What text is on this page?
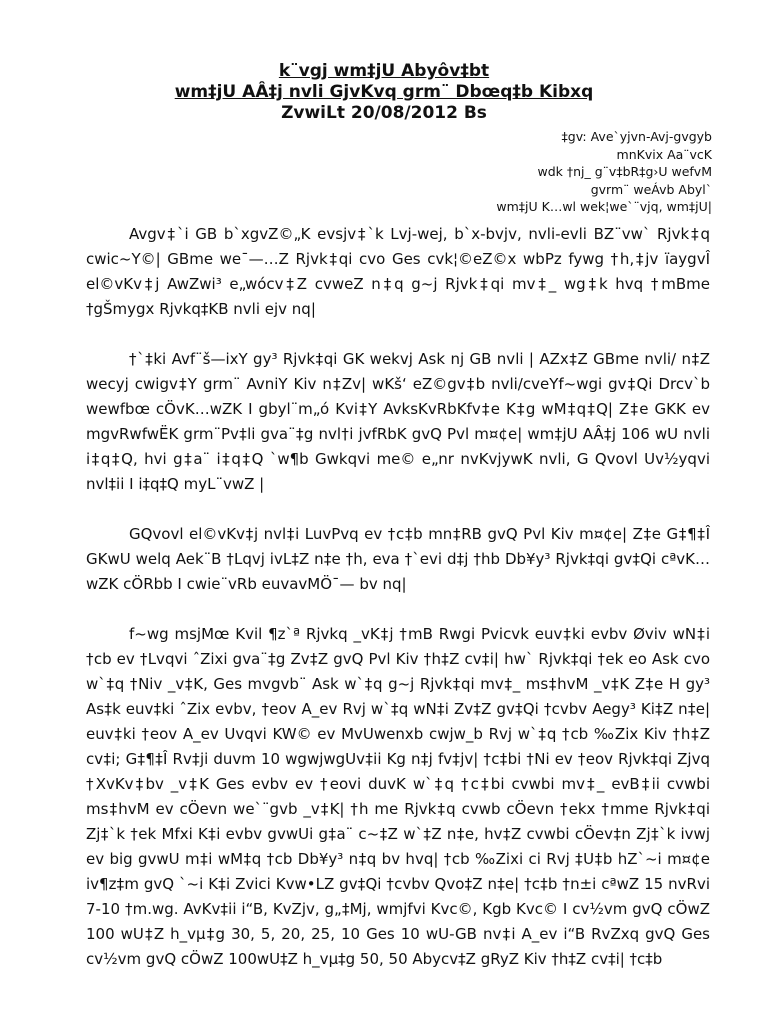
k¨vgj wm‡jU Abyôv‡bt
wm‡jU AÂ‡j nvli GjvKvq grm¨ Dbœq‡b Kibxq
ZvwiLt 20/08/2012 Bs
‡gv: Ave`yjvn-Avj-gvgyb
mnKvix Aa¨vcK
wdk †nj_ g¨v‡bR‡g›U wefvM
gvrm¨ weÁvb Abyl`
wm‡jU K…wl wek¦we`¨vjq, wm‡jU|

Avgv‡`i GB b`xgvZ©„K evsjv‡`k Lvj-wej, b`x-bvjv, nvli-evli BZ¨vw` Rjvk‡q cwic~Y©| GBme we¯—…Z Rjvk‡qi cvo Ges cvk¦©eZ©x wbPz fywg †h‚‡jv ïaygvÎ el©vKv‡j AwZwi³ e„wócv‡Z cvweZ n‡q g~j Rjvk‡qi mv‡_ wg‡k hvq †mBme †gŠmygx Rjvkq‡KB nvli ejv nq|

†`‡ki Avf¨š—ixY gy³ Rjvk‡qi GK wekvj Ask nj GB nvli | AZx‡Z GBme nvli/ n‡Z wecyj cwigv‡Y grm¨ AvniY Kiv n‡Zv| wKš‘ eZ©gv‡b nvli/cveYf~wgi gv‡Qi Drcv`b wewfbœ cÖvK…wZK I gbyl¨m„ó Kvi‡Y AvksKvRbKfv‡e K‡g wM‡q‡Q| Z‡e GKK ev mgvRwfwËK grm¨Pv‡li gva¨‡g nvl†i jvfRbK gvQ Pvl m¤¢e| wm‡jU AÂ‡j 106 wU nvli i‡q‡Q, hvi g‡a¨ i‡q‡Q `w¶b Gwkqvi me© e„nr nvKvjywK nvli, G Qvovl Uv½yqvi nvl‡ii I i‡q‡Q myL¨vwZ |

GQvovl el©vKv‡j nvl‡i LuvPvq ev †c‡b mn‡RB gvQ Pvl Kiv m¤¢e| Z‡e G‡¶‡Î GKwU welq Aek¨B †Lqvj ivL‡Z n‡e †h, eva †`evi d‡j †hb Db¥y³ Rjvk‡qi gv‡Qi cªvK…wZK cÖRbb I cwie¨vRb euvavMÖ¯— bv nq|

f~wg msjMœ Kvil ¶z`ª Rjvkq _vK‡j †mB Rwgi Pvicvk euv‡ki evbv Øviv wN‡i †cb ev †Lvqvi ˆZixi gva¨‡g Zv‡Z gvQ Pvl Kiv †h‡Z cv‡i| hw` Rjvk‡qi †ek eo Ask cvo w`‡q †Niv _v‡K, Ges mvgvb¨ Ask w`‡q g~j Rjvk‡qi mv‡_ ms‡hvM _v‡K Z‡e H gy³ As‡k euv‡ki ˆZix evbv, †eov A_ev Rvj w`‡q wN‡i Zv‡Z gv‡Qi †cvbv Aegy³ Ki‡Z n‡e| euv‡ki †eov A_ev Uvqvi KW© ev MvUwenxb cwjw_b Rvj w`‡q †cb ‰Zix Kiv †h‡Z cv‡i; G‡¶‡Î Rv‡ji duvm 10 wgwjwgUv‡ii Kg n‡j fv‡jv| †c‡bi †Ni ev †eov Rjvk‡qi Zjvq †XvKv‡bv _v‡K Ges evbv ev †eovi duvK w`‡q †c‡bi cvwbi mv‡_ evB‡ii cvwbi ms‡hvM ev cÖevn we`¨gvb _v‡K| †h me Rjvk‡q cvwb cÖevn †ekx †mme Rjvk‡qi Zj‡`k †ek Mfxi K‡i evbv gvwUi g‡a¨ c~‡Z w`‡Z n‡e, hv‡Z cvwbi cÖev‡n Zj‡`k ivwj ev big gvwU m‡i wM‡q †cb Db¥y³ n‡q bv hvq| †cb ‰Zixi ci Rvj ‡U‡b hZ`~i m¤¢e iv¶z‡m gvQ `~i K‡i Zvici Kvw•LZ gv‡Qi †cvbv Qvo‡Z n‡e| †c‡b †n±i cªwZ 15 nvRvi 7-10 †m.wg. AvKv‡ii i“B, KvZjv, g„‡Mj, wmjfvi Kvc©, Kgb Kvc© I cv½vm gvQ cÖwZ 100 wU‡Z h_vµ‡g 30, 5, 20, 25, 10 Ges 10 wU-GB nv‡i A_ev i“B RvZxq gvQ Ges cv½vm gvQ cÖwZ 100wU‡Z h_vµ‡g 50, 50 Abycv‡Z gRyZ Kiv †h‡Z cv‡i| †c‡b
